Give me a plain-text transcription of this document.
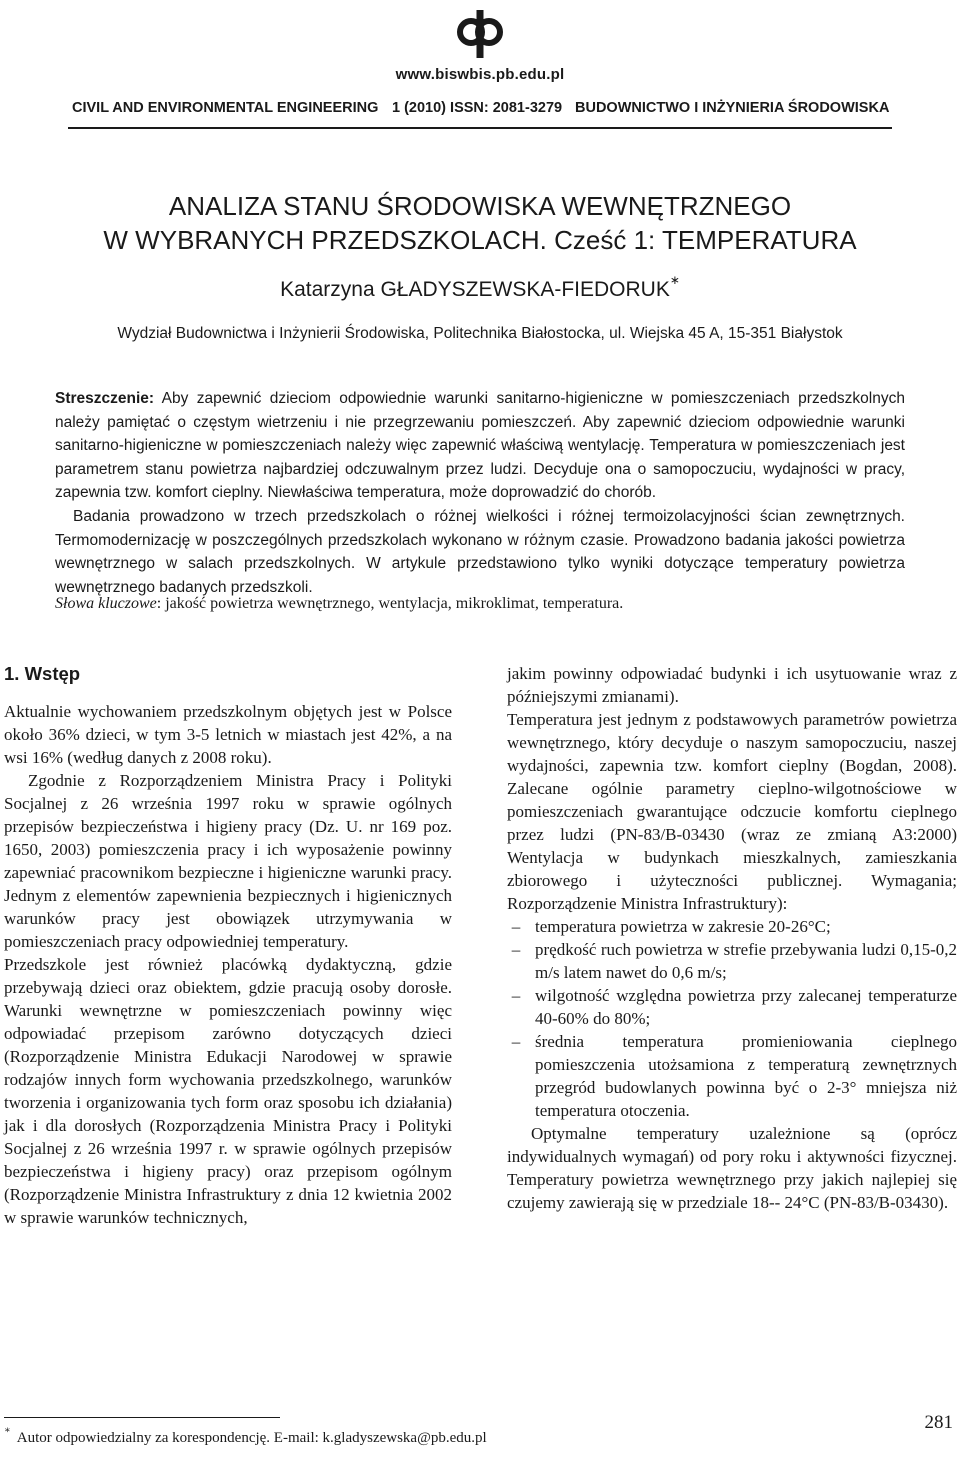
www.biswbis.pb.edu.pl
CIVIL AND ENVIRONMENTAL ENGINEERING 1 (2010) ISSN: 2081-3279 BUDOWNICTWO I INŻYNIERIA ŚRODOWISKA
ANALIZA STANU ŚRODOWISKA WEWNĘTRZNEGO
W WYBRANYCH PRZEDSZKOLACH. Cześć 1: TEMPERATURA
Katarzyna GŁADYSZEWSKA-FIEDORUK∗
Wydział Budownictwa i Inżynierii Środowiska, Politechnika Białostocka, ul. Wiejska 45 A, 15-351 Białystok

Streszczenie: Aby zapewnić dzieciom odpowiednie warunki sanitarno-higieniczne w pomieszczeniach przedszkolnych należy pamiętać o częstym wietrzeniu i nie przegrzewaniu pomieszczeń. Aby zapewnić dzieciom odpowiednie warunki sanitarno-higieniczne w pomieszczeniach należy więc zapewnić właściwą wentylację. Temperatura w pomieszczeniach jest parametrem stanu powietrza najbardziej odczuwalnym przez ludzi. Decyduje ona o samopoczuciu, wydajności w pracy, zapewnia tzw. komfort cieplny. Niewłaściwa temperatura, może doprowadzić do chorób.

Badania prowadzono w trzech przedszkolach o różnej wielkości i różnej termoizolacyjności ścian zewnętrznych. Termomodernizację w poszczególnych przedszkolach wykonano w różnym czasie. Prowadzono badania jakości powietrza wewnętrznego w salach przedszkolnych. W artykule przedstawiono tylko wyniki dotyczące temperatury powietrza wewnętrznego badanych przedszkoli.

Słowa kluczowe: jakość powietrza wewnętrznego, wentylacja, mikroklimat, temperatura.
1. Wstęp

Aktualnie wychowaniem przedszkolnym objętych jest w Polsce około 36% dzieci, w tym 3-5 letnich w miastach jest 42%, a na wsi 16% (według danych z 2008 roku).

Zgodnie z Rozporządzeniem Ministra Pracy i Polityki Socjalnej z 26 września 1997 roku w sprawie ogólnych przepisów bezpieczeństwa i higieny pracy (Dz. U. nr 169 poz. 1650, 2003) pomieszczenia pracy i ich wyposażenie powinny zapewniać pracownikom bezpieczne i higieniczne warunki pracy. Jednym z elementów zapewnienia bezpiecznych i higienicznych warunków pracy jest obowiązek utrzymywania w pomieszczeniach pracy odpowiedniej temperatury.

Przedszkole jest również placówką dydaktyczną, gdzie przebywają dzieci oraz obiektem, gdzie pracują osoby dorosłe. Warunki wewnętrzne w pomieszczeniach powinny więc odpowiadać przepisom zarówno dotyczących dzieci (Rozporządzenie Ministra Edukacji Narodowej w sprawie rodzajów innych form wychowania przedszkolnego, warunków tworzenia i organizowania tych form oraz sposobu ich działania) jak i dla dorosłych (Rozporządzenia Ministra Pracy i Polityki Socjalnej z 26 września 1997 r. w sprawie ogólnych przepisów bezpieczeństwa i higieny pracy) oraz przepisom ogólnym (Rozporządzenie Ministra Infrastruktury z dnia 12 kwietnia 2002 w sprawie warunków technicznych,

jakim powinny odpowiadać budynki i ich usytuowanie wraz z późniejszymi zmianami).

Temperatura jest jednym z podstawowych parametrów powietrza wewnętrznego, który decyduje o naszym samopoczuciu, naszej wydajności, zapewnia tzw. komfort cieplny (Bogdan, 2008). Zalecane ogólnie parametry cieplno-wilgotnościowe w pomieszczeniach gwarantujące odczucie komfortu cieplnego przez ludzi (PN-83/B-03430 (wraz ze zmianą A3:2000) Wentylacja w budynkach mieszkalnych, zamieszkania zbiorowego i użyteczności publicznej. Wymagania; Rozporządzenie Ministra Infrastruktury):

– temperatura powietrza w zakresie 20-26°C;
– prędkość ruch powietrza w strefie przebywania ludzi 0,15-0,2 m/s latem nawet do 0,6 m/s;
– wilgotność względna powietrza przy zalecanej temperaturze 40-60% do 80%;
– średnia temperatura promieniowania cieplnego pomieszczenia utożsamiona z temperaturą zewnętrznych przegród budowlanych powinna być o 2-3° mniejsza niż temperatura otoczenia.

Optymalne temperatury uzależnione są (oprócz indywidualnych wymagań) od pory roku i aktywności fizycznej. Temperatury powietrza wewnętrznego przy jakich najlepiej się czujemy zawierają się w przedziale 18-- 24°C (PN-83/B-03430).

∗ Autor odpowiedzialny za korespondencję. E-mail: k.gladyszewska@pb.edu.pl
281
